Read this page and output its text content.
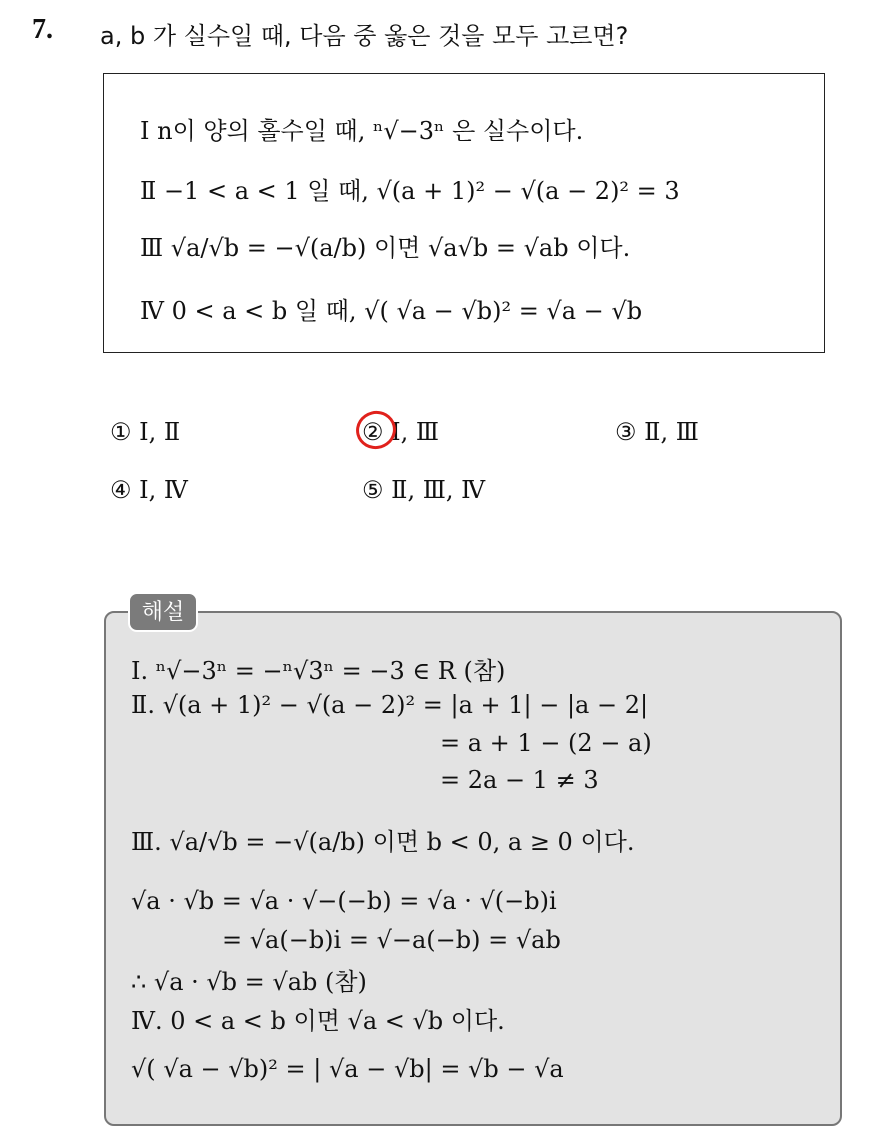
7. a, b 가 실수일 때, 다음 중 옳은 것을 모두 고르면?
Ⅰ n이 양의 홀수일 때, ⁿ√−3ⁿ 은 실수이다.
Ⅱ −1 < a < 1 일 때, √(a + 1)² − √(a − 2)² = 3
Ⅲ √a/√b = −√(a/b) 이면 √a√b = √ab 이다.
Ⅳ 0 < a < b 일 때, √( √a − √b)² = √a − √b
① Ⅰ, Ⅱ	② Ⅰ, Ⅲ	③ Ⅱ, Ⅲ
④ Ⅰ, Ⅳ	⑤ Ⅱ, Ⅲ, Ⅳ
해설
Ⅰ. ⁿ√−3ⁿ = −ⁿ√3ⁿ = −3 ∈ R (참)
Ⅱ. √(a + 1)² − √(a − 2)² = |a + 1| − |a − 2|
= a + 1 − (2 − a)
= 2a − 1 ≠ 3
Ⅲ. √a/√b = −√(a/b) 이면 b < 0, a ≥ 0 이다.
√a · √b = √a · √−(−b) = √a · √(−b)i
= √a(−b)i = √−a(−b) = √ab
∴ √a · √b = √ab (참)
Ⅳ. 0 < a < b 이면 √a < √b 이다.
√( √a − √b)² = | √a − √b| = √b − √a
